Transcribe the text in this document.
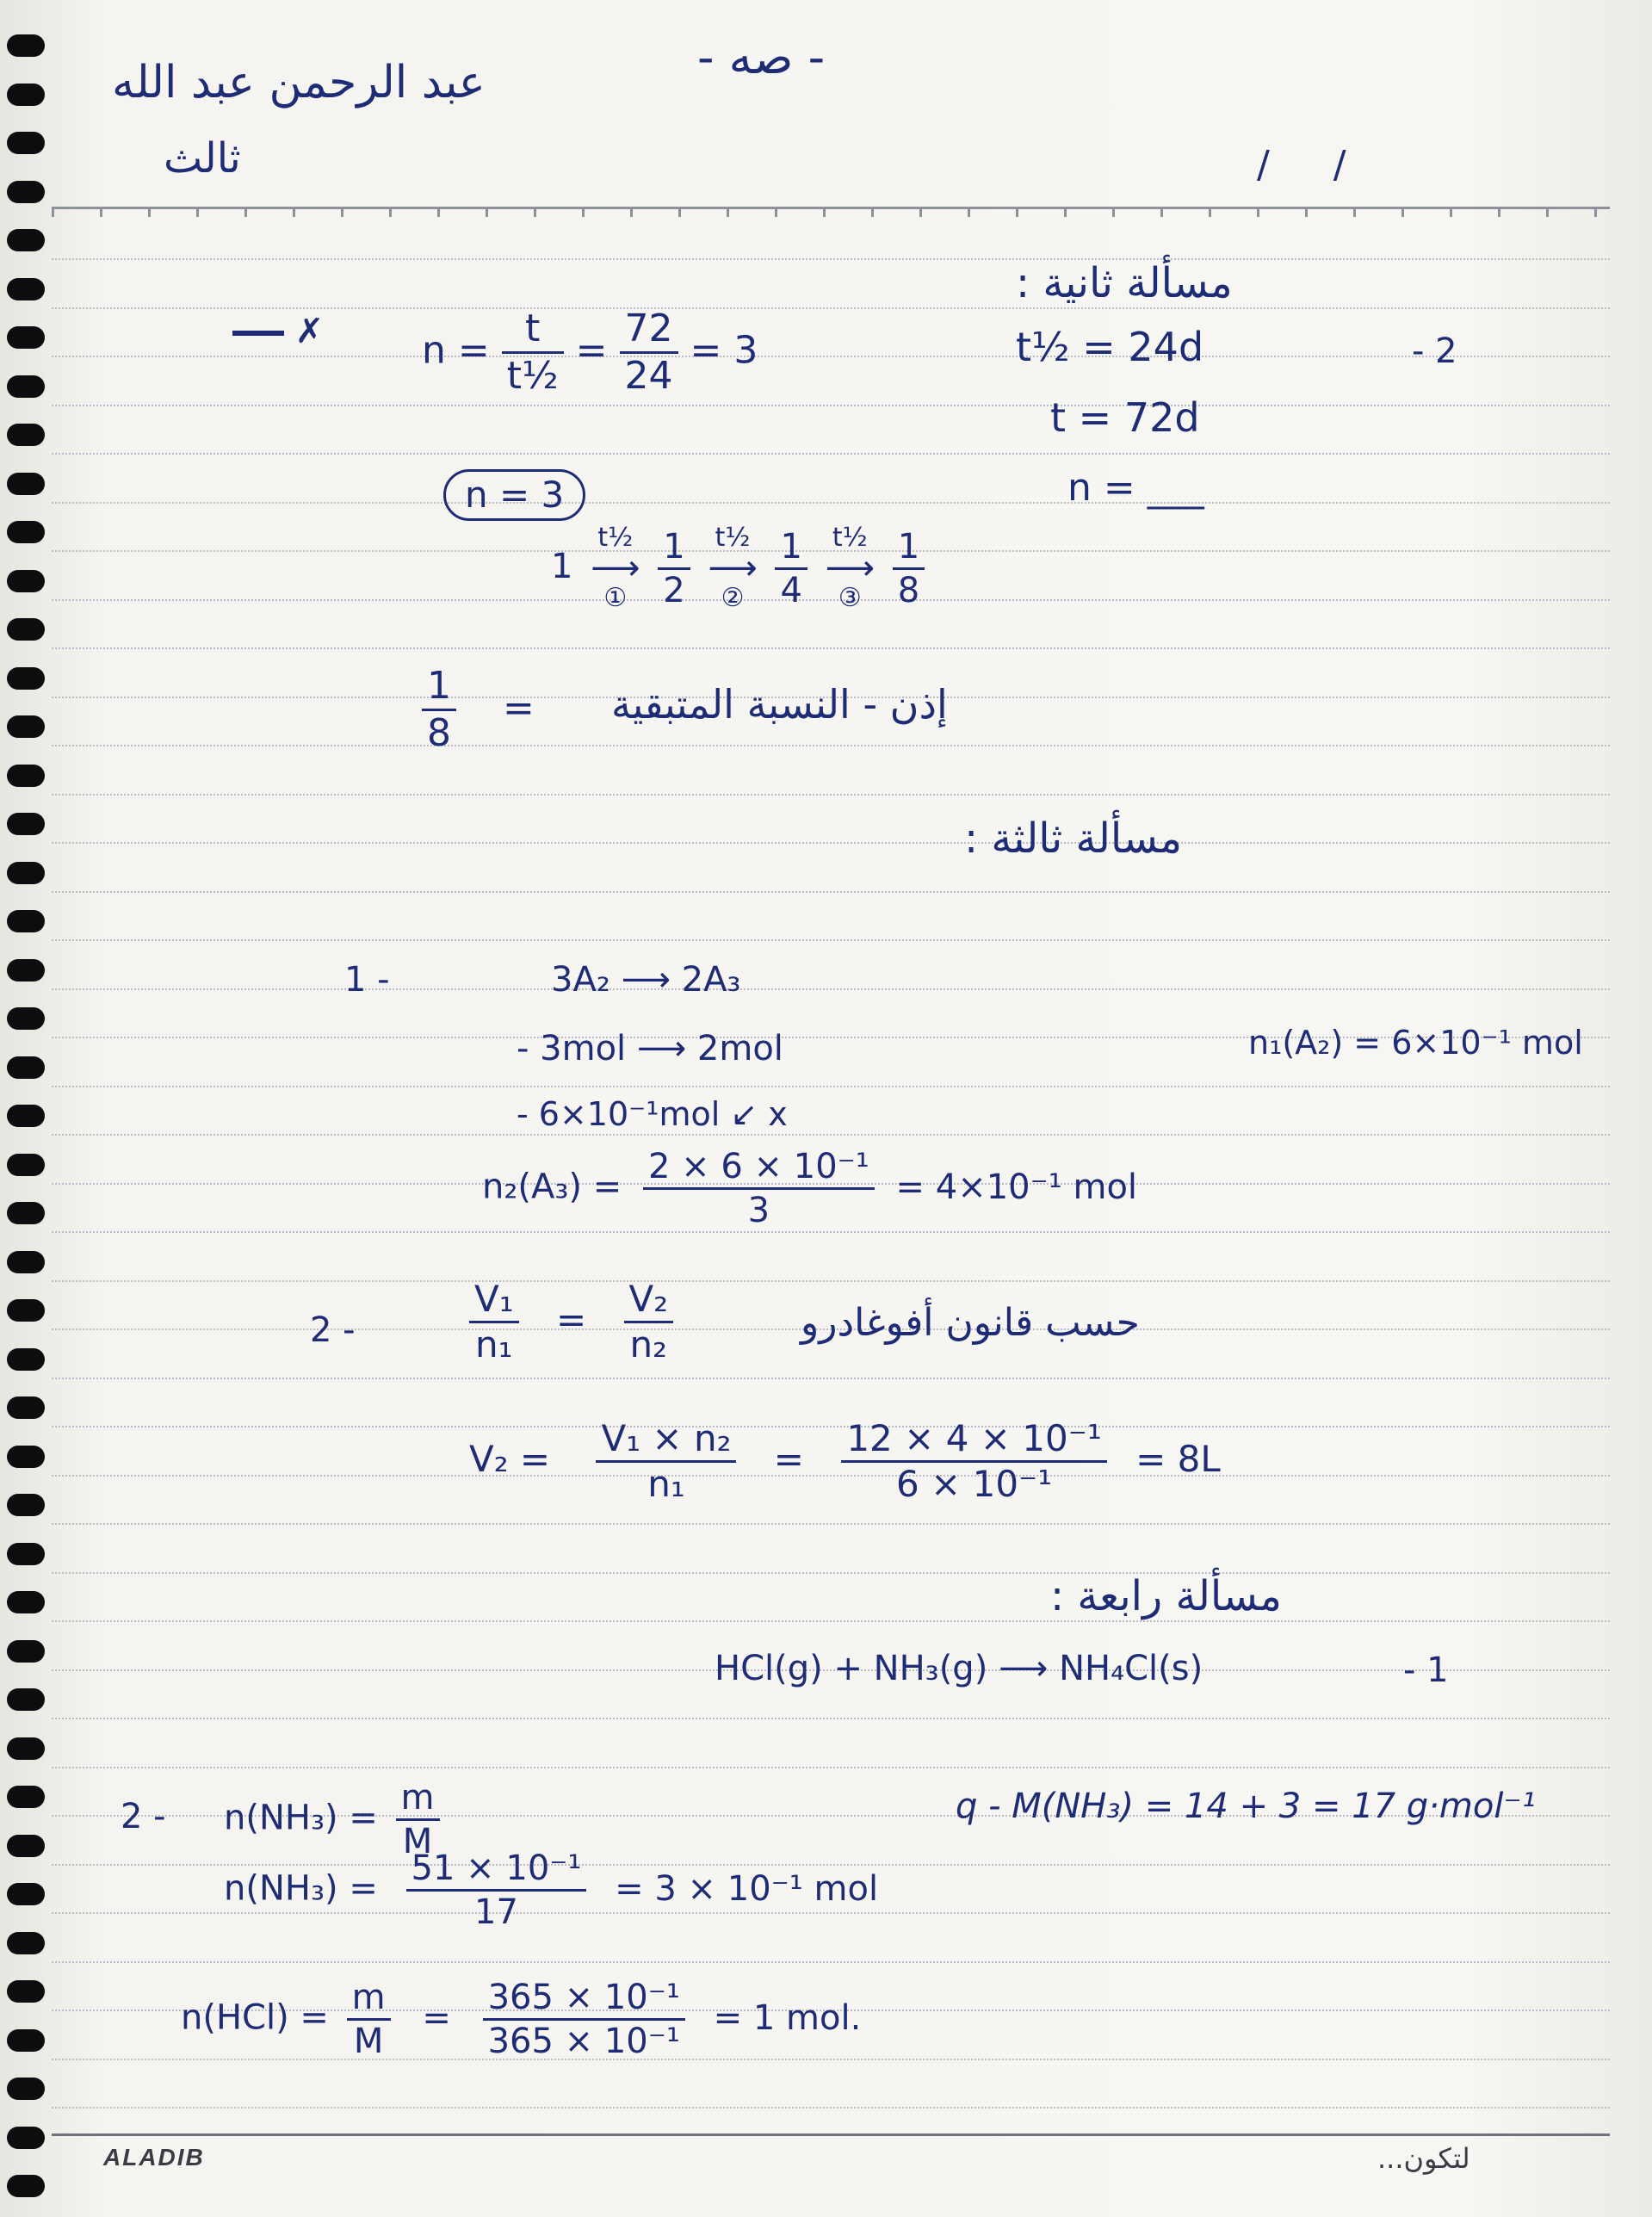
عبد الرحمن عبد الله
ثالث
- صه -
/ /
مسألة ثانية :
t½ = 24d	- 2
t = 72d
n = ___
✗	$n = \frac{t}{\text{t½}} = \frac{72}{24} = 3$
n = 3
1
t½
⟶
①
$\frac{1}{2}$
t½
⟶
②
$\frac{1}{4}$
t½
⟶
③
$\frac{1}{8}$
$\frac{1}{8}$ = إذن - النسبة المتبقية
مسألة ثالثة :
1 -	3A₂ ⟶ 2A₃
- 3mol ⟶ 2mol	n₁(A₂) = 6×10⁻¹ mol
- 6×10⁻¹mol ↙ x
$n_2(A_3) = \frac{\text{2 × 6 × 10⁻¹}}{3} = 4\times 10^{-1}$ mol
2 -	$\frac{\text{V₁}}{\text{n₁}} = \frac{\text{V₂}}{\text{n₂}}$	حسب قانون أفوغادرو
$V_2 = \frac{\text{V₁ × n₂}}{\text{n₁}} = \frac{\text{12 × 4 × 10⁻¹}}{\text{6 × 10⁻¹}} = 8L$
مسألة رابعة :
HCl(g) + NH₃(g) ⟶ NH₄Cl(s)	- 1
$2 - n(NH_3) = \frac{m}{M}$	q - M(NH₃) = 14 + 3 = 17 g·mol⁻¹
$n(NH_3) = \frac{\text{51 × 10⁻¹}}{17} = 3 \times 10^{-1}$ mol
$n(HCl) = \frac{m}{M} = \frac{\text{365 × 10⁻¹}}{\text{365 × 10⁻¹}} = 1$ mol.
ALADIB	لتكون...
